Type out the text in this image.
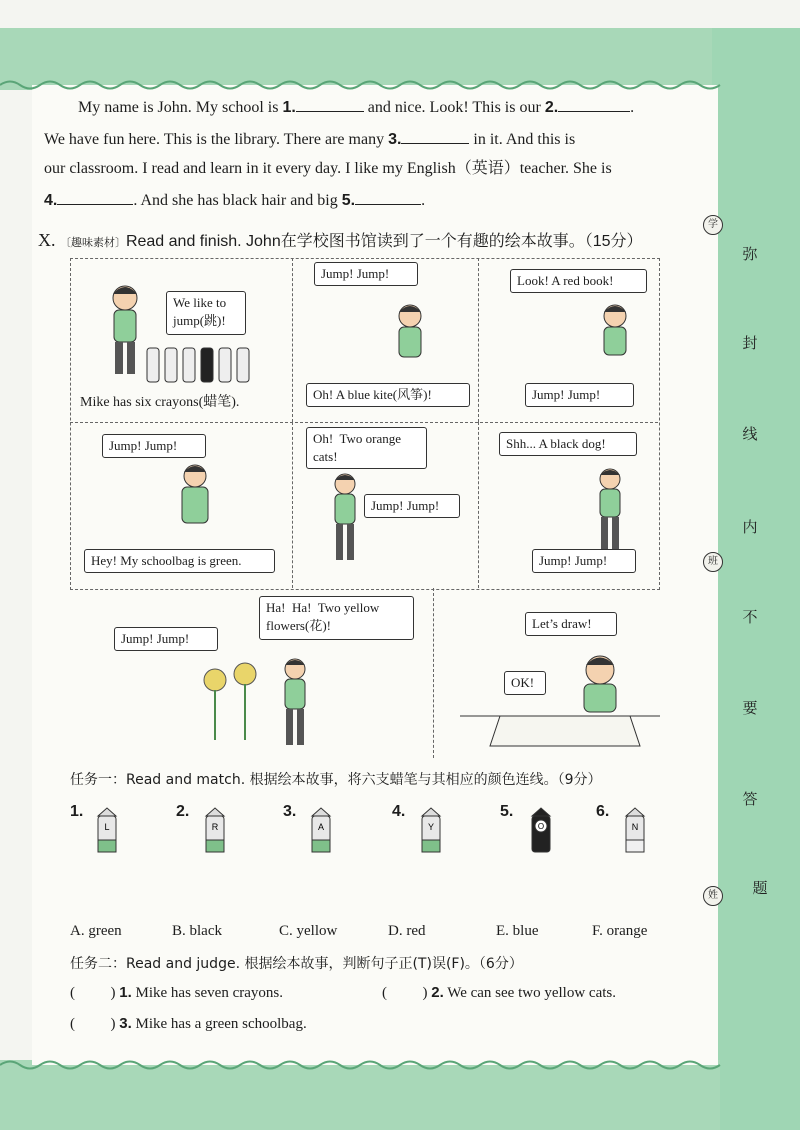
学
弥
封
线
内
班
不
要
答
姓	题
My name is John. My school is 1.	and nice. Look! This is our 2.	.
We have fun here. This is the library. There are many 3.	in it. And this is
our classroom. I read and learn in it every day. I like my English（英语）teacher. She is
4.	. And she has black hair and big 5.	.
X. 〔趣味素材〕Read and finish. John在学校图书馆读到了一个有趣的绘本故事。（15分）
We like to
jump(跳)!
Mike has six crayons(蜡笔).
Jump! Jump!
Oh! A blue kite(风筝)!
Look! A red book!
Jump! Jump!
Jump! Jump!
Hey! My schoolbag is green.
Oh!  Two orange
cats!
Jump! Jump!
Shh... A black dog!
Jump! Jump!
Jump! Jump!
Ha!  Ha!  Two yellow
flowers(花)!	Let’s draw!
OK!
任务一：Read and match. 根据绘本故事，将六支蜡笔与其相应的颜色连线。（9分）
1.	2.	3.	4.	5.	6.
L	R	A	Y	O	N
A. green	B. black	C. yellow	D. red	E. blue	F. orange
任务二：Read and judge. 根据绘本故事，判断句子正(T)误(F)。（6分）
( ) 1. Mike has seven crayons.	( ) 2. We can see two yellow cats.
( ) 3. Mike has a green schoolbag.
